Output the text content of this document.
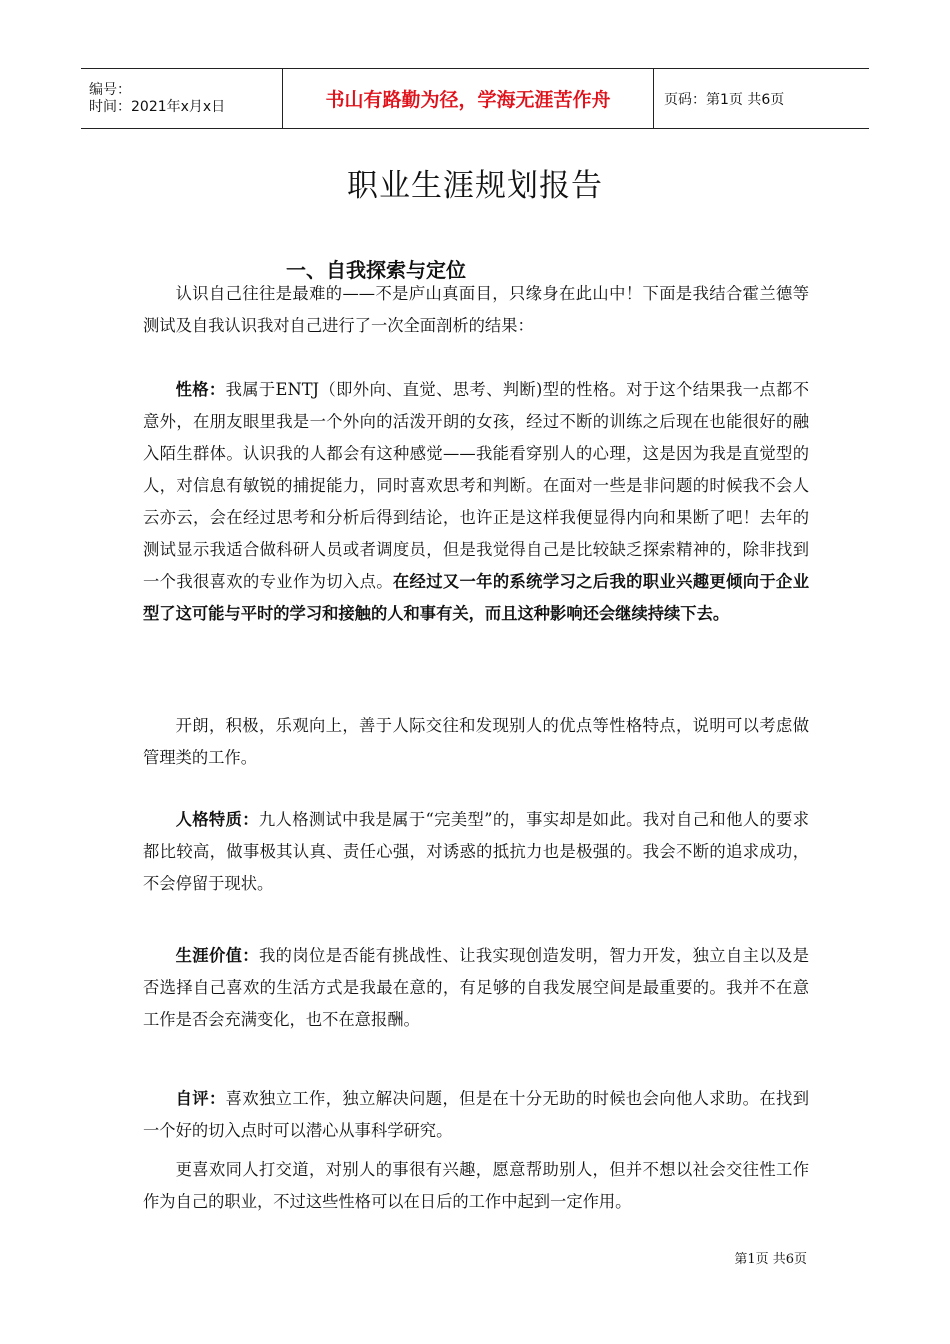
编号：
时间：2021年x月x日	书山有路勤为径，学海无涯苦作舟	页码：第1页 共6页
职业生涯规划报告
一、自我探索与定位

认识自己往往是最难的——不是庐山真面目，只缘身在此山中！下面是我结合霍兰德等测试及自我认识我对自己进行了一次全面剖析的结果：

性格：我属于ENTJ（即外向、直觉、思考、判断)型的性格。对于这个结果我一点都不意外，在朋友眼里我是一个外向的活泼开朗的女孩，经过不断的训练之后现在也能很好的融入陌生群体。认识我的人都会有这种感觉——我能看穿别人的心理，这是因为我是直觉型的人，对信息有敏锐的捕捉能力，同时喜欢思考和判断。在面对一些是非问题的时候我不会人云亦云，会在经过思考和分析后得到结论，也许正是这样我便显得内向和果断了吧！去年的测试显示我适合做科研人员或者调度员，但是我觉得自己是比较缺乏探索精神的，除非找到一个我很喜欢的专业作为切入点。在经过又一年的系统学习之后我的职业兴趣更倾向于企业型了这可能与平时的学习和接触的人和事有关，而且这种影响还会继续持续下去。

开朗，积极，乐观向上，善于人际交往和发现别人的优点等性格特点，说明可以考虑做管理类的工作。

人格特质：九人格测试中我是属于“完美型”的，事实却是如此。我对自己和他人的要求都比较高，做事极其认真、责任心强，对诱惑的抵抗力也是极强的。我会不断的追求成功，不会停留于现状。

生涯价值：我的岗位是否能有挑战性、让我实现创造发明，智力开发，独立自主以及是否选择自己喜欢的生活方式是我最在意的，有足够的自我发展空间是最重要的。我并不在意工作是否会充满变化，也不在意报酬。

自评：喜欢独立工作，独立解决问题，但是在十分无助的时候也会向他人求助。在找到一个好的切入点时可以潜心从事科学研究。

更喜欢同人打交道，对别人的事很有兴趣，愿意帮助别人，但并不想以社会交往性工作作为自己的职业，不过这些性格可以在日后的工作中起到一定作用。

第1页 共6页
